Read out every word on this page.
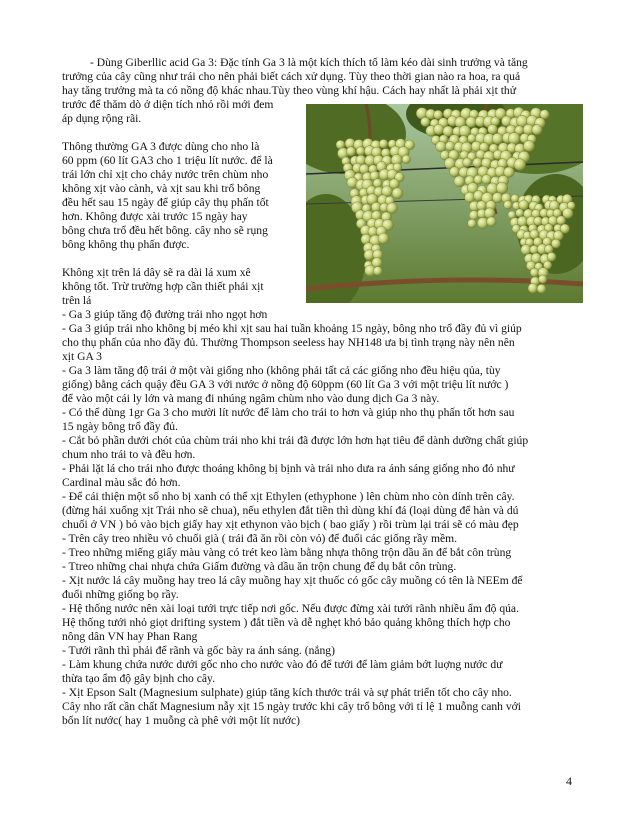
- Dùng Giberllic acid Ga 3: Đặc tính Ga 3 là một kích thích tố làm kéo dài sinh trưởng và tăng
trưởng của cây cũng như trái cho nên phải biết cách xử dụng. Tùy theo thời gian nào ra hoa, ra quả
hay tăng trưởng mà ta có nồng độ khác nhau.Tùy theo vùng khí hậu. Cách hay nhất là phải xịt thử
trước để thăm dò ở diện tích nhỏ rồi mới đem
áp dụng rộng rãi.
Thông thường GA 3 được dùng cho nho là
60 ppm (60 lít GA3 cho 1 triệu lít nước. để là
trái lớn chỉ xịt cho chảy nước trên chùm nho
không xịt vào cành, và xịt sau khi trổ bông
đều hết sau 15 ngày để giúp cây thụ phấn tốt
hơn. Không được xài trước 15 ngày hay
bông chưa trổ đều hết bông. cây nho sẽ rụng
bông không thụ phấn được.
Không xịt trên lá dây sẽ ra dài lá xum xê
không tốt. Trừ trường hợp cần thiết phải xịt
trên lá
- Ga 3 giúp tăng độ đường trái nho ngọt hơn
- Ga 3 giúp trái nho không bị méo khi xịt sau hai tuần khoảng 15 ngày, bông nho trổ đầy đủ vì giúp
cho thụ phấn của nho đầy đủ. Thường Thompson seeless hay NH148 ưa bị tình trạng này nên nên
xịt GA 3
- Ga 3 làm tăng độ trái ở một vài giống nho (không phải tất cả các giống nho đều hiệu qủa, tùy
giống) bằng cách quậy đều GA 3 với nước ở nồng độ 60ppm (60 lít Ga 3 với một triệu lít nước )
để vào một cái ly lớn và mang đi nhúng ngâm chùm nho vào dung dịch Ga 3 này.
- Có thể dùng 1gr Ga 3 cho mười lít nước để làm cho trái to hơn và giúp nho thụ phấn tốt hơn sau
15 ngày bông trổ đầy đủ.
- Cắt bỏ phần dưới chót của chùm trái nho khi trái đã được lớn hơn hạt tiêu để dành dưỡng chất giúp
chum nho trái to và đều hơn.
- Phải lặt lá cho trái nho được thoáng không bị bịnh và trái nho dưa ra ánh sáng giống nho đỏ như
Cardinal màu sắc đỏ hơn.
- Để cái thiện một số nho bị xanh có thể xịt Ethylen (ethyphone ) lên chùm nho còn dính trên cây.
(đừng hái xuống xịt Trái nho sẽ chua), nếu ethylen đắt tiền thì dùng khí đá (loại dùng để hàn và dú
chuối ở VN ) bỏ vào bịch giấy hay xịt ethynon vào bịch ( bao giấy ) rồi trùm lại trái sẽ có màu đẹp
- Trên cây treo nhiều vỏ chuối già ( trái đã ăn rồi còn vỏ) để đuổi các giống rầy mềm.
- Treo những miếng giấy màu vàng có trét keo làm bằng nhựa thông trộn dầu ăn để bắt côn trùng
- Ttreo những chai nhựa chứa Giấm đường và dầu ăn trộn chung để dụ bắt côn trùng.
- Xịt nước lá cây muồng hay treo lá cây muồng hay xịt thuốc có gốc cây muồng có tên là NEEm để
đuổi những giống bọ rầy.
- Hệ thống nước nên xài loại tưới trực tiếp nơi gốc. Nếu được đừng xài tưới rãnh nhiều ẩm độ qúa.
Hệ thống tưới nhỏ giọt drifting system ) đắt tiền và dễ nghẹt khó bảo quảng không thích hợp cho
nông dân VN hay Phan Rang
- Tưới rãnh thì phải để rãnh và gốc bày ra ánh sáng. (nắng)
- Làm khung chứa nước dưới gốc nho cho nước vào đó để tưới để làm giảm bớt luợng nước dư
thừa tạo ẩm độ gây bịnh cho cây.
- Xịt Epson Salt (Magnesium sulphate) giúp tăng kích thước trái và sự phát triển tốt cho cây nho.
Cây nho rất cần chất Magnesium nẫy xịt 15 ngày trước khi cây trổ bông với tỉ lệ 1 muỗng canh với
bốn lít nước( hay 1 muỗng cà phê với một lít nước)
4
